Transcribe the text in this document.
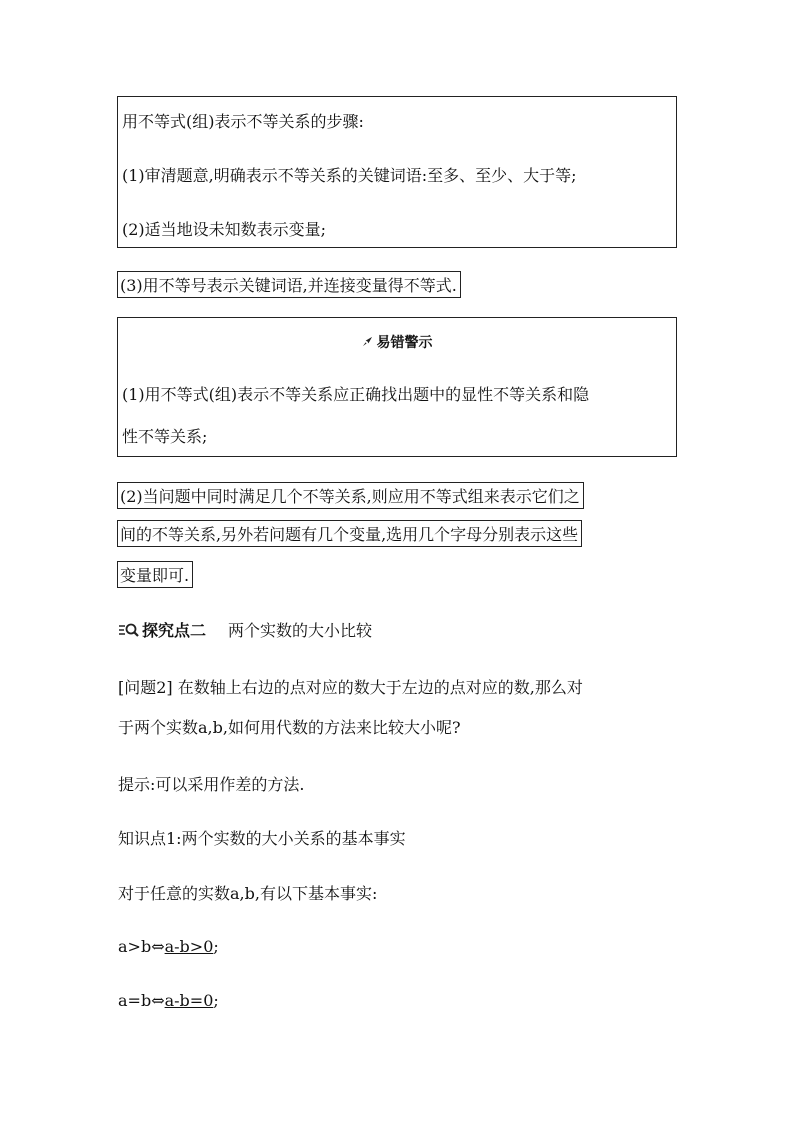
用不等式(组)表示不等关系的步骤:
(1)审清题意,明确表示不等关系的关键词语:至多、至少、大于等;
(2)适当地设未知数表示变量;
(3)用不等号表示关键词语,并连接变量得不等式.
易错警示
(1)用不等式(组)表示不等关系应正确找出题中的显性不等关系和隐
性不等关系;
(2)当问题中同时满足几个不等关系,则应用不等式组来表示它们之
间的不等关系,另外若问题有几个变量,选用几个字母分别表示这些
变量即可.
探究点二 两个实数的大小比较
[问题2] 在数轴上右边的点对应的数大于左边的点对应的数,那么对
于两个实数a,b,如何用代数的方法来比较大小呢?
提示:可以采用作差的方法.
知识点1:两个实数的大小关系的基本事实
对于任意的实数a,b,有以下基本事实:
a>b⇔a-b>0;
a=b⇔a-b=0;
